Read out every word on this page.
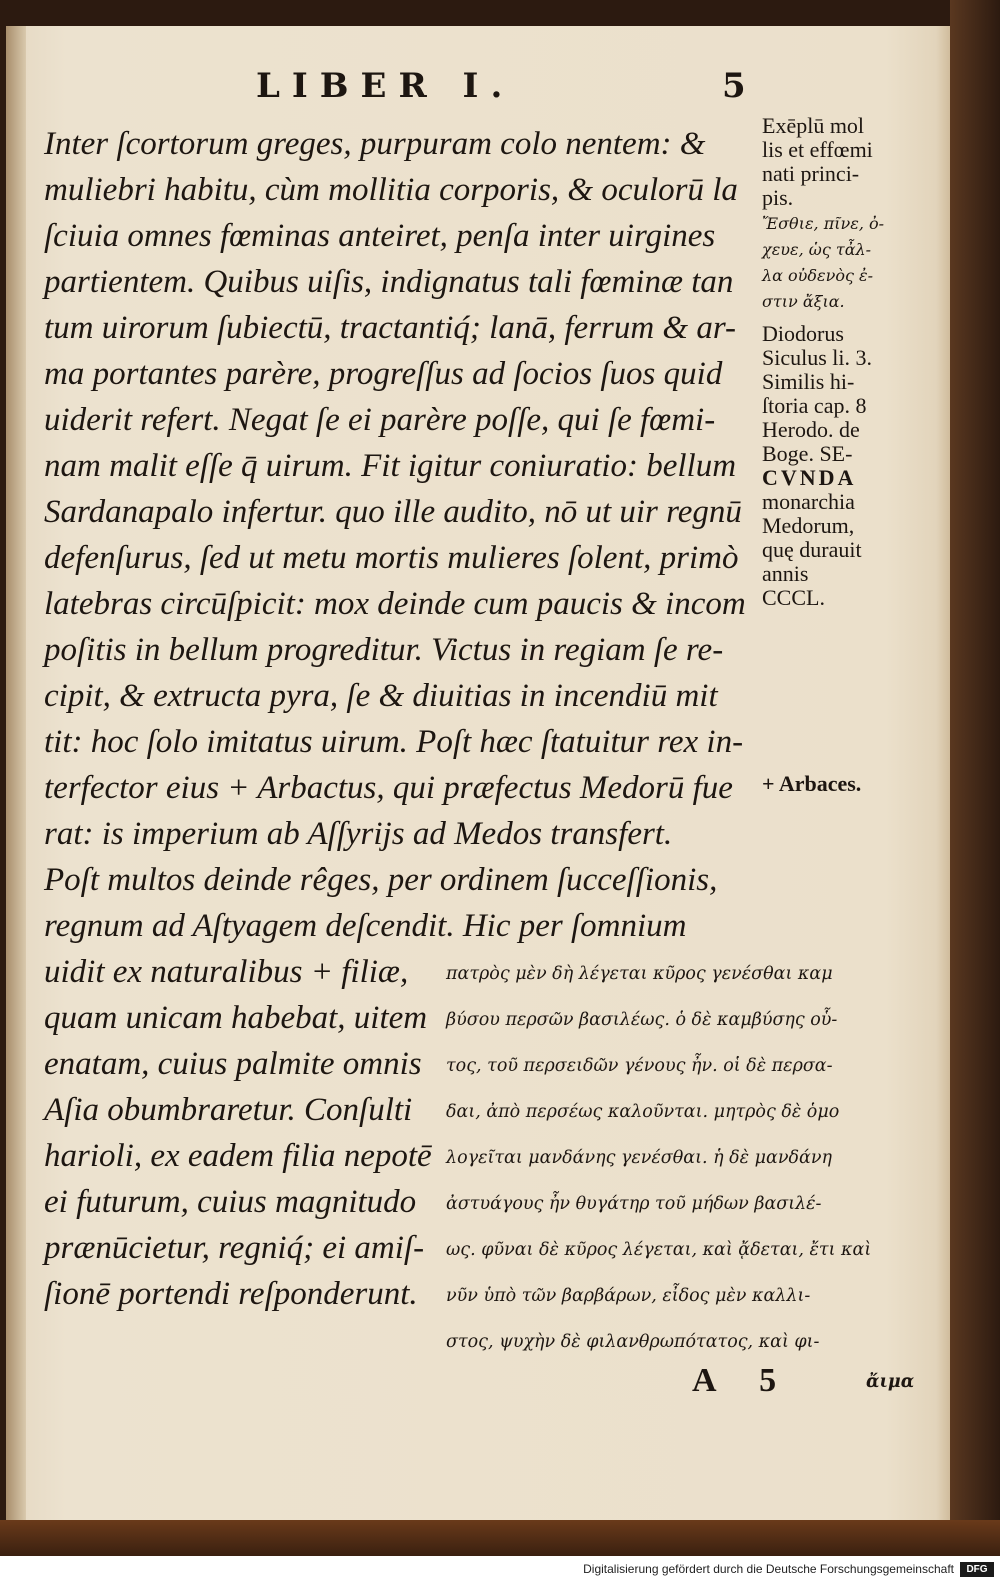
LIBER I.	5
Inter ſcortorum greges, purpuram colo nentem: &
muliebri habitu, cùm mollitia corporis, & oculorū la
ſciuia omnes fœminas anteiret, penſa inter uirgines
partientem. Quibus uiſis, indignatus tali fœminæ tan
tum uirorum ſubiectū, tractantiq́; lanā, ferrum & ar-
ma portantes parère, progreſſus ad ſocios ſuos quid
uiderit refert. Negat ſe ei parère poſſe, qui ſe fœmi-
nam malit eſſe q̄ uirum. Fit igitur coniuratio: bellum
Sardanapalo infertur. quo ille audito, nō ut uir regnū
defenſurus, ſed ut metu mortis mulieres ſolent, primò
latebras circūſpicit: mox deinde cum paucis & incom
poſitis in bellum progreditur. Victus in regiam ſe re-
cipit, & extructa pyra, ſe & diuitias in incendiū mit
tit: hoc ſolo imitatus uirum. Poſt hæc ſtatuitur rex in-
terfector eius + Arbactus, qui præfectus Medorū fue
rat: is imperium ab Aſſyrijs ad Medos transfert.
Poſt multos deinde rêges, per ordinem ſucceſſionis,
regnum ad Aſtyagem deſcendit. Hic per ſomnium
uidit ex naturalibus + filiæ,
quam unicam habebat, uitem
enatam, cuius palmite omnis
Aſia obumbraretur. Conſulti
harioli, ex eadem filia nepotē
ei futurum, cuius magnitudo
prænūcietur, regniq́; ei amiſ-
ſionē portendi reſponderunt.
πατρὸς μὲν δὴ λέγεται κῦρος γενέσθαι καμ
βύσου περσῶν βασιλέως. ὁ δὲ καμβύσης οὗ-
τος, τοῦ περσειδῶν γένους ἦν. οἱ δὲ περσα-
δαι, ἀπὸ περσέως καλοῦνται. μητρὸς δὲ ὁμο
λογεῖται μανδάνης γενέσθαι. ἡ δὲ μανδάνη
ἀστυάγους ἦν θυγάτηρ τοῦ μήδων βασιλέ-
ως. φῦναι δὲ κῦρος λέγεται, καὶ ᾄδεται, ἔτι καὶ
νῦν ὑπὸ τῶν βαρβάρων, εἶδος μὲν καλλι-
στος, ψυχὴν δὲ φιλανθρωπότατος, καὶ φι-
Exēplū mol
lis et effœmi
nati princi-
pis.
Ἔσθιε, πῖνε, ὀ-
χευε, ὡς τἆλ-
λα οὐδενὸς ἐ-
στιν ἄξια.
Diodorus
Siculus li. 3.
Similis hi-
ſtoria cap. 8
Herodo. de
Boge. SE-
CVNDA
monarchia
Medorum,
quę durauit
annis
CCCL.
+ Arbaces.
A 5	ἄιμα
Digitalisierung gefördert durch die Deutsche Forschungsgemeinschaft	DFG
